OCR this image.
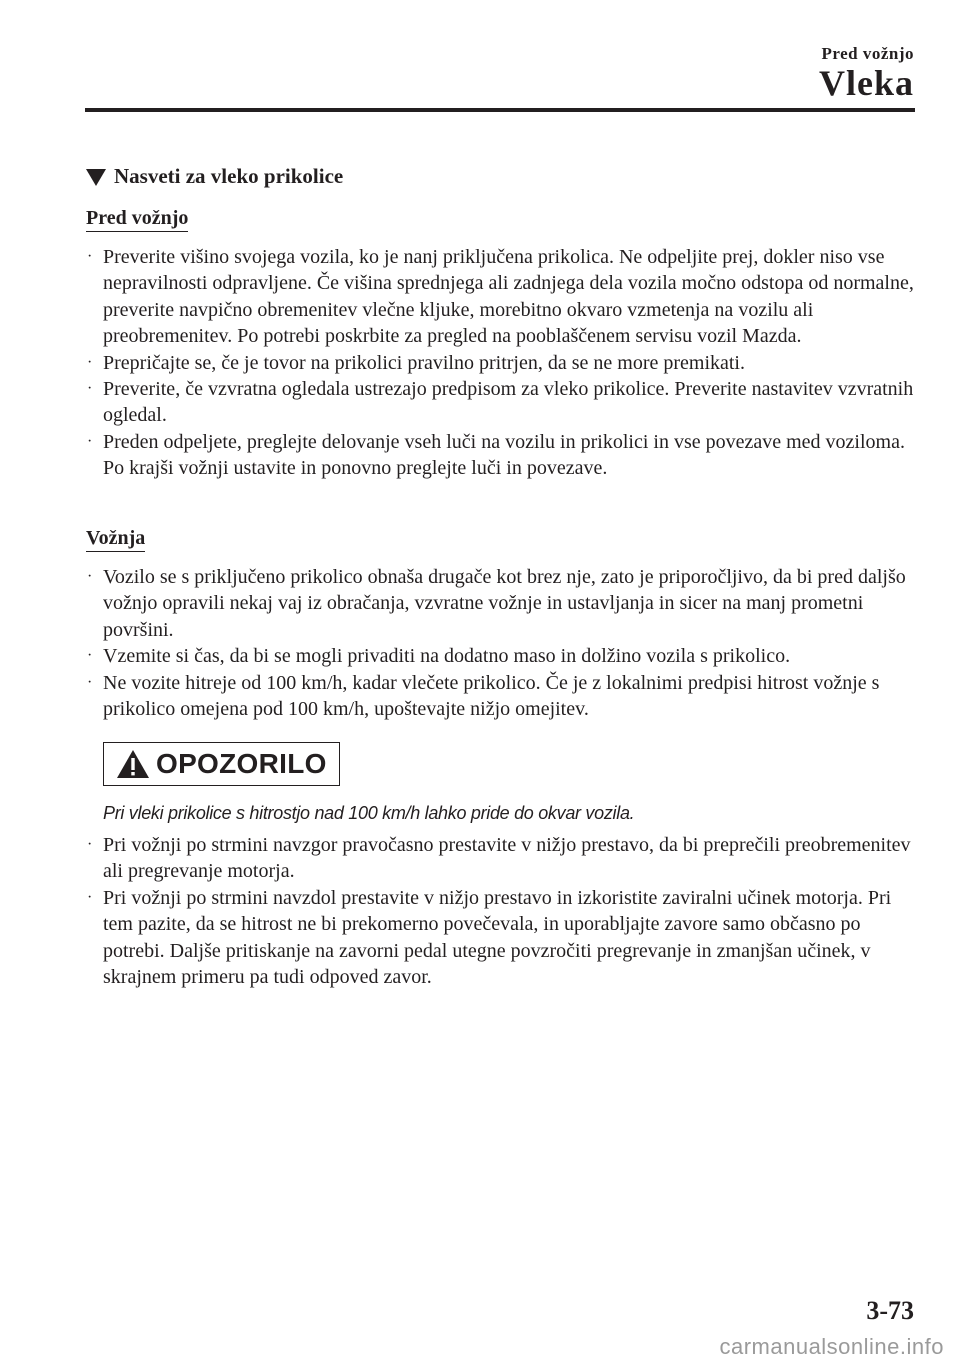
Pred vožnjo
Vleka
Nasveti za vleko prikolice
Pred vožnjo
· Preverite višino svojega vozila, ko je nanj priključena prikolica. Ne odpeljite prej, dokler niso vse nepravilnosti odpravljene. Če višina sprednjega ali zadnjega dela vozila močno odstopa od normalne, preverite navpično obremenitev vlečne kljuke, morebitno okvaro vzmetenja na vozilu ali preobremenitev. Po potrebi poskrbite za pregled na pooblaščenem servisu vozil Mazda.
· Prepričajte se, če je tovor na prikolici pravilno pritrjen, da se ne more premikati.
· Preverite, če vzvratna ogledala ustrezajo predpisom za vleko prikolice. Preverite nastavitev vzvratnih ogledal.
· Preden odpeljete, preglejte delovanje vseh luči na vozilu in prikolici in vse povezave med voziloma. Po krajši vožnji ustavite in ponovno preglejte luči in povezave.
Vožnja
· Vozilo se s priključeno prikolico obnaša drugače kot brez nje, zato je priporočljivo, da bi pred daljšo vožnjo opravili nekaj vaj iz obračanja, vzvratne vožnje in ustavljanja in sicer na manj prometni površini.
· Vzemite si čas, da bi se mogli privaditi na dodatno maso in dolžino vozila s prikolico.
· Ne vozite hitreje od 100 km/h, kadar vlečete prikolico. Če je z lokalnimi predpisi hitrost vožnje s prikolico omejena pod 100 km/h, upoštevajte nižjo omejitev.
OPOZORILO
Pri vleki prikolice s hitrostjo nad 100 km/h lahko pride do okvar vozila.
· Pri vožnji po strmini navzgor pravočasno prestavite v nižjo prestavo, da bi preprečili preobremenitev ali pregrevanje motorja.
· Pri vožnji po strmini navzdol prestavite v nižjo prestavo in izkoristite zaviralni učinek motorja. Pri tem pazite, da se hitrost ne bi prekomerno povečevala, in uporabljajte zavore samo občasno po potrebi. Daljše pritiskanje na zavorni pedal utegne povzročiti pregrevanje in zmanjšan učinek, v skrajnem primeru pa tudi odpoved zavor.
3-73
carmanualsonline.info
